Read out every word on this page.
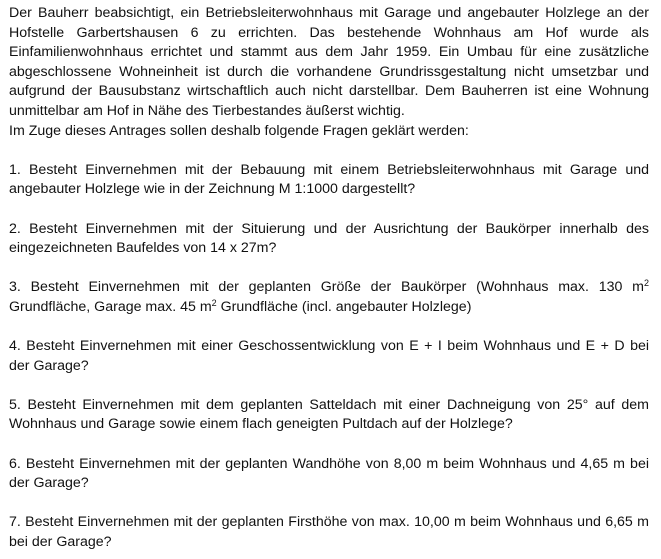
Der Bauherr beabsichtigt, ein Betriebsleiterwohnhaus mit Garage und angebauter Holzlege an der Hofstelle Garbertshausen 6 zu errichten. Das bestehende Wohnhaus am Hof wurde als Einfamilienwohnhaus errichtet und stammt aus dem Jahr 1959. Ein Umbau für eine zusätzliche abgeschlossene Wohneinheit ist durch die vorhandene Grundrissgestaltung nicht umsetzbar und aufgrund der Bausubstanz wirtschaftlich auch nicht darstellbar. Dem Bauherren ist eine Wohnung unmittelbar am Hof in Nähe des Tierbestandes äußerst wichtig.

Im Zuge dieses Antrages sollen deshalb folgende Fragen geklärt werden:

1. Besteht Einvernehmen mit der Bebauung mit einem Betriebsleiterwohnhaus mit Garage und angebauter Holzlege wie in der Zeichnung M 1:1000 dargestellt?

2. Besteht Einvernehmen mit der Situierung und der Ausrichtung der Baukörper innerhalb des eingezeichneten Baufeldes von 14 x 27m?

3. Besteht Einvernehmen mit der geplanten Größe der Baukörper (Wohnhaus max. 130 $m^2$ Grundfläche, Garage max. 45 $m^2$ Grundfläche (incl. angebauter Holzlege)

4. Besteht Einvernehmen mit einer Geschossentwicklung von E + I beim Wohnhaus und E + D bei der Garage?

5. Besteht Einvernehmen mit dem geplanten Satteldach mit einer Dachneigung von 25° auf dem Wohnhaus und Garage sowie einem flach geneigten Pultdach auf der Holzlege?

6. Besteht Einvernehmen mit der geplanten Wandhöhe von 8,00 m beim Wohnhaus und 4,65 m bei der Garage?

7. Besteht Einvernehmen mit der geplanten Firsthöhe von max. 10,00 m beim Wohnhaus und 6,65 m bei der Garage?
